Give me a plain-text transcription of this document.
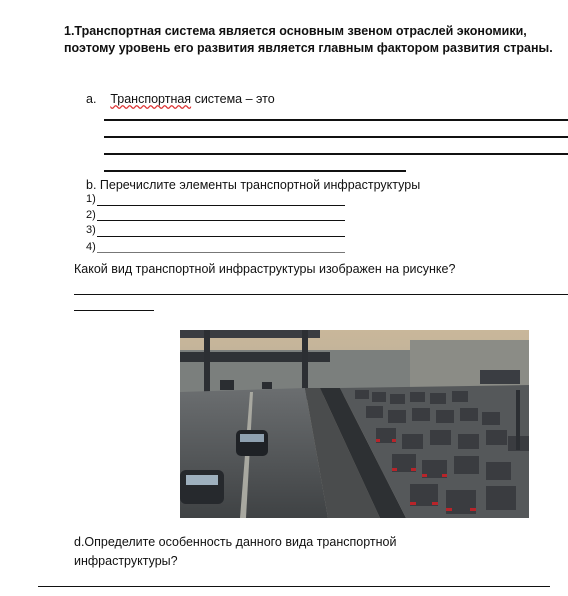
1.Транспортная система является основным звеном отраслей экономики, поэтому уровень его развития является главным фактором развития страны.
a. Транспортная система – это
b. Перечислите элементы транспортной инфраструктуры
1)
2)
3)
4)
Какой вид транспортной инфраструктуры изображен на рисунке?
d.Определите особенность данного вида транспортной инфраструктуры?
